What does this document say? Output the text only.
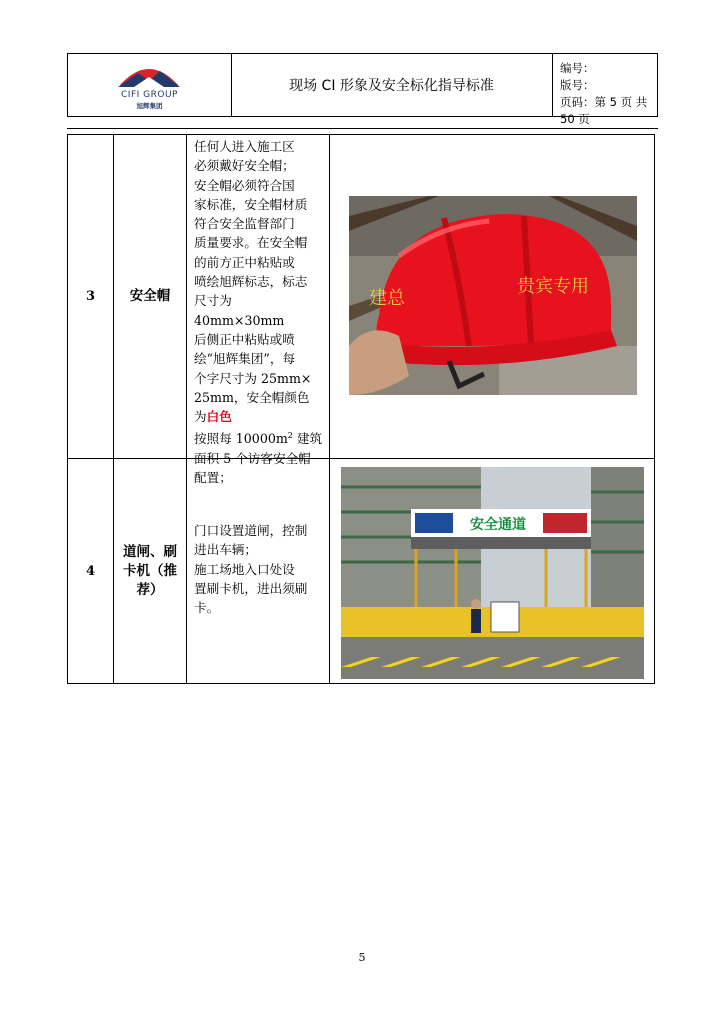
CIFI GROUP
旭辉集团
现场 CI 形象及安全标化指导标准
编号：
版号：
页码：第 5 页 共 50 页
3	安全帽
任何人进入施工区
必须戴好安全帽；
安全帽必须符合国
家标准，安全帽材质
符合安全监督部门
质量要求。在安全帽
的前方正中粘贴或
喷绘旭辉标志，标志
尺寸为 40mm×30mm
后侧正中粘贴或喷
绘“旭辉集团”，每
个字尺寸为 25mm×
25mm，安全帽颜色
为白色
按照每 $10000m^2$ 建筑
面积 5 个访客安全帽
配置；
建总
贵宾专用
4
道闸、刷卡机（推荐）
门口设置道闸，控制
进出车辆；
施工场地入口处设
置刷卡机，进出须刷
卡。
安全通道
5
